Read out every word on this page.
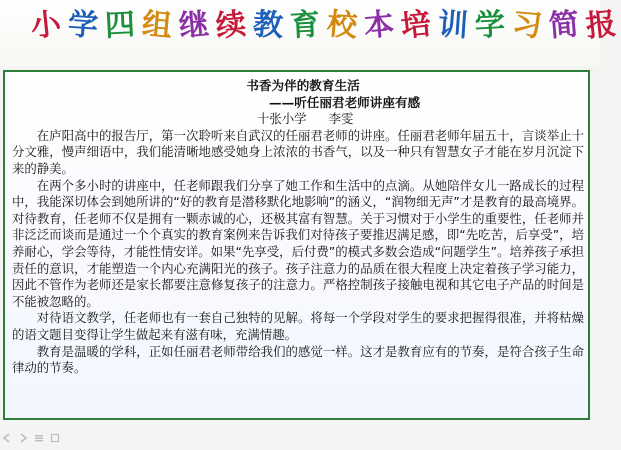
小 学 四 组 继 续 教 育 校 本 培 训 学 习 简 报

书香为伴的教育生活

——听任丽君老师讲座有感

十张小学 李雯

在庐阳高中的报告厅，第一次聆听来自武汉的任丽君老师的讲座。任丽君老师年届五十，言谈举止十分文雅，慢声细语中，我们能清晰地感受她身上浓浓的书香气，以及一种只有智慧女子才能在岁月沉淀下来的静美。

在两个多小时的讲座中，任老师跟我们分享了她工作和生活中的点滴。从她陪伴女儿一路成长的过程中，我能深切体会到她所讲的“好的教育是潜移默化地影响”的涵义，“润物细无声”才是教育的最高境界。对待教育，任老师不仅是拥有一颗赤诚的心，还极其富有智慧。关于习惯对于小学生的重要性，任老师并非泛泛而谈而是通过一个个真实的教育案例来告诉我们对待孩子要推迟满足感，即“先吃苦，后享受”，培养耐心，学会等待，才能性情安详。如果“先享受，后付费”的模式多数会造成“问题学生”。培养孩子承担责任的意识，才能塑造一个内心充满阳光的孩子。孩子注意力的品质在很大程度上决定着孩子学习能力，因此不管作为老师还是家长都要注意修复孩子的注意力。严格控制孩子接触电视和其它电子产品的时间是不能被忽略的。

对待语文教学，任老师也有一套自己独特的见解。将每一个学段对学生的要求把握得很准，并将枯燥的语文题目变得让学生做起来有滋有味，充满情趣。

教育是温暖的学科，正如任丽君老师带给我们的感觉一样。这才是教育应有的节奏，是符合孩子生命律动的节奏。
